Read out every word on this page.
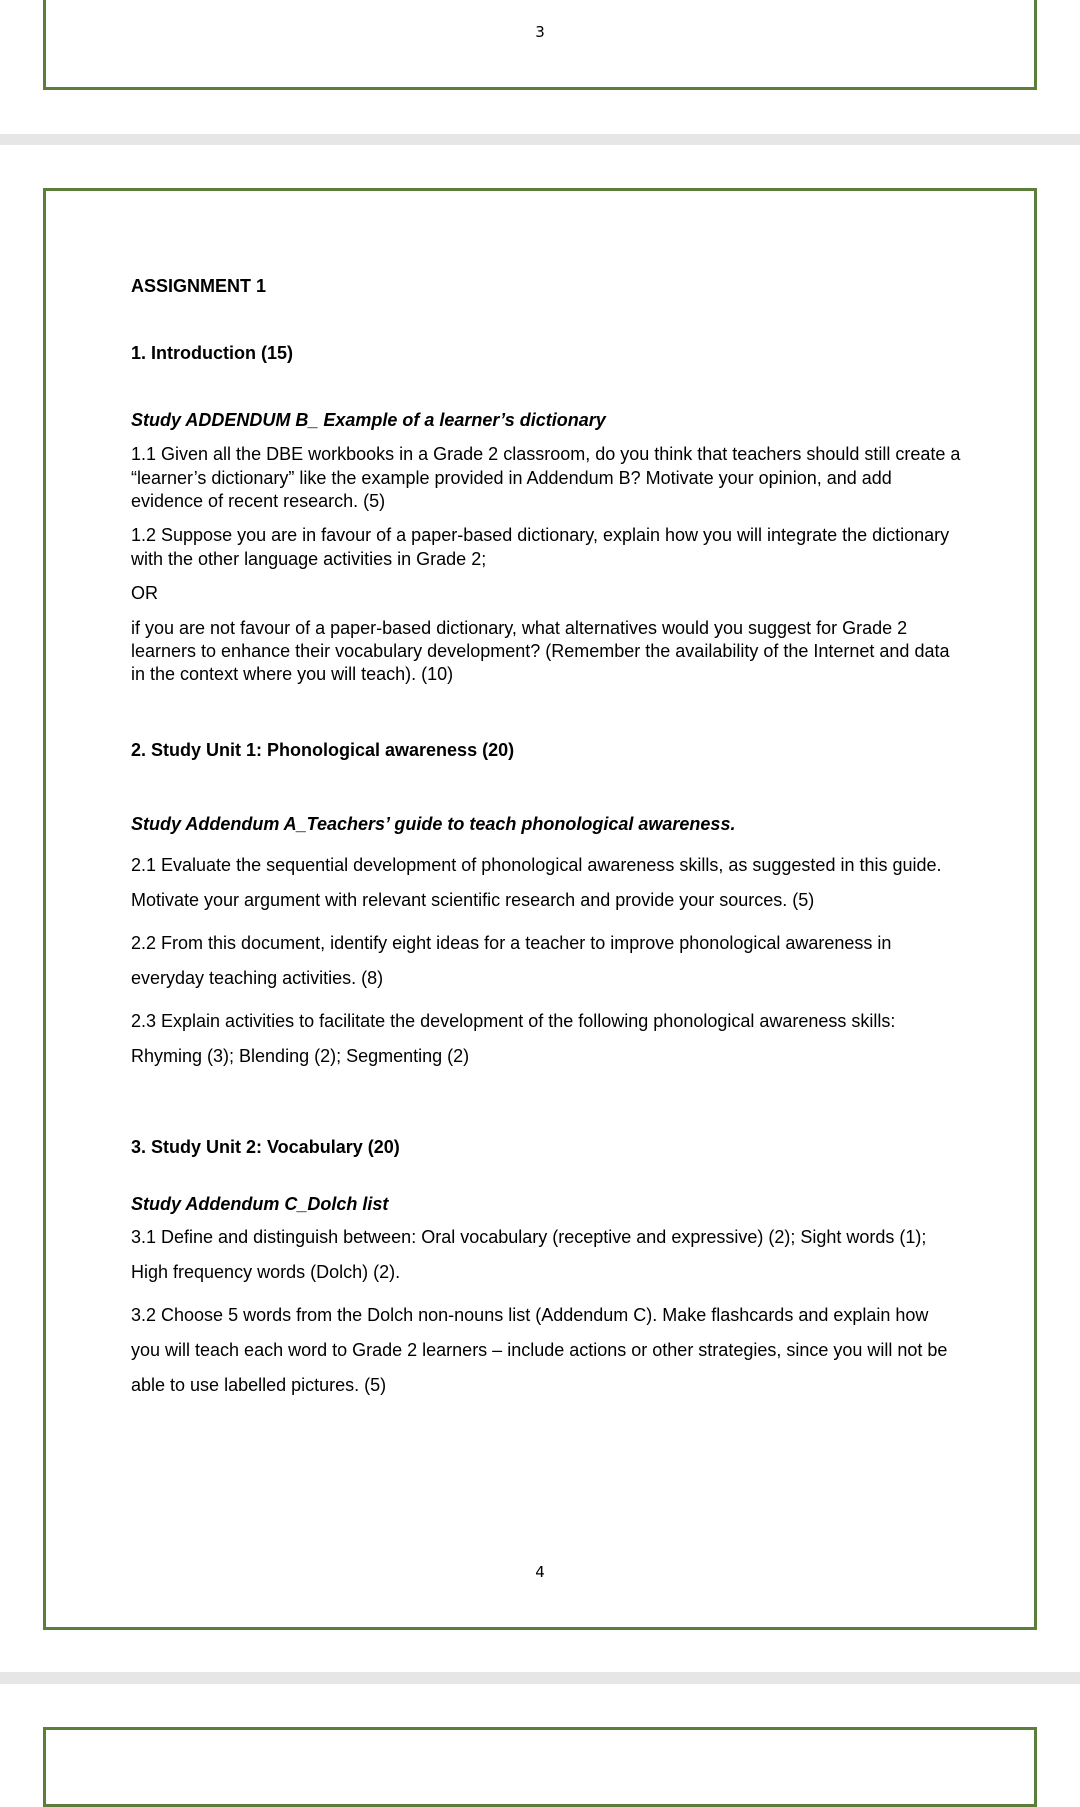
3

ASSIGNMENT 1

1. Introduction (15)

Study ADDENDUM B_ Example of a learner’s dictionary

1.1 Given all the DBE workbooks in a Grade 2 classroom, do you think that teachers should still create a “learner’s dictionary” like the example provided in Addendum B? Motivate your opinion, and add evidence of recent research. (5)

1.2 Suppose you are in favour of a paper-based dictionary, explain how you will integrate the dictionary with the other language activities in Grade 2;

OR

if you are not favour of a paper-based dictionary, what alternatives would you suggest for Grade 2 learners to enhance their vocabulary development? (Remember the availability of the Internet and data in the context where you will teach). (10)

2. Study Unit 1: Phonological awareness (20)

Study Addendum A_Teachers’ guide to teach phonological awareness.

2.1 Evaluate the sequential development of phonological awareness skills, as suggested in this guide. Motivate your argument with relevant scientific research and provide your sources. (5)

2.2 From this document, identify eight ideas for a teacher to improve phonological awareness in everyday teaching activities. (8)

2.3 Explain activities to facilitate the development of the following phonological awareness skills: Rhyming (3); Blending (2); Segmenting (2)

3. Study Unit 2: Vocabulary (20)

Study Addendum C_Dolch list

3.1 Define and distinguish between: Oral vocabulary (receptive and expressive) (2); Sight words (1); High frequency words (Dolch) (2).

3.2 Choose 5 words from the Dolch non-nouns list (Addendum C). Make flashcards and explain how you will teach each word to Grade 2 learners – include actions or other strategies, since you will not be able to use labelled pictures. (5)

4
